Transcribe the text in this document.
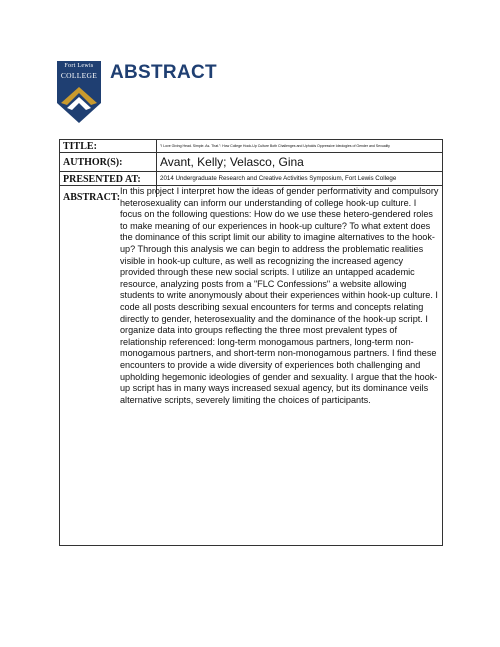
Fort Lewis
COLLEGE ABSTRACT
TITLE:	"I Love Giving Head. Simple. As. That.": How College Hook-Up Culture Both Challenges and Upholds Oppressive Ideologies of Gender and Sexuality
AUTHOR(S):	Avant, Kelly; Velasco, Gina
PRESENTED AT:	2014 Undergraduate Research and Creative Activities Symposium, Fort Lewis College
ABSTRACT:
In this project I interpret how the ideas of gender performativity and compulsory heterosexuality can inform our understanding of college hook-up culture. I focus on the following questions: How do we use these hetero-gendered roles to make meaning of our experiences in hook-up culture? To what extent does the dominance of this script limit our ability to imagine alternatives to the hook-up? Through this analysis we can begin to address the problematic realities visible in hook-up culture, as well as recognizing the increased agency provided through these new social scripts. I utilize an untapped academic resource, analyzing posts from a "FLC Confessions" a website allowing students to write anonymously about their experiences within hook-up culture. I code all posts describing sexual encounters for terms and concepts relating directly to gender, heterosexuality and the dominance of the hook-up script. I organize data into groups reflecting the three most prevalent types of relationship referenced: long-term monogamous partners, long-term non-monogamous partners, and short-term non-monogamous partners. I find these encounters to provide a wide diversity of experiences both challenging and upholding hegemonic ideologies of gender and sexuality. I argue that the hook-up script has in many ways increased sexual agency, but its dominance veils alternative scripts, severely limiting the choices of participants.
